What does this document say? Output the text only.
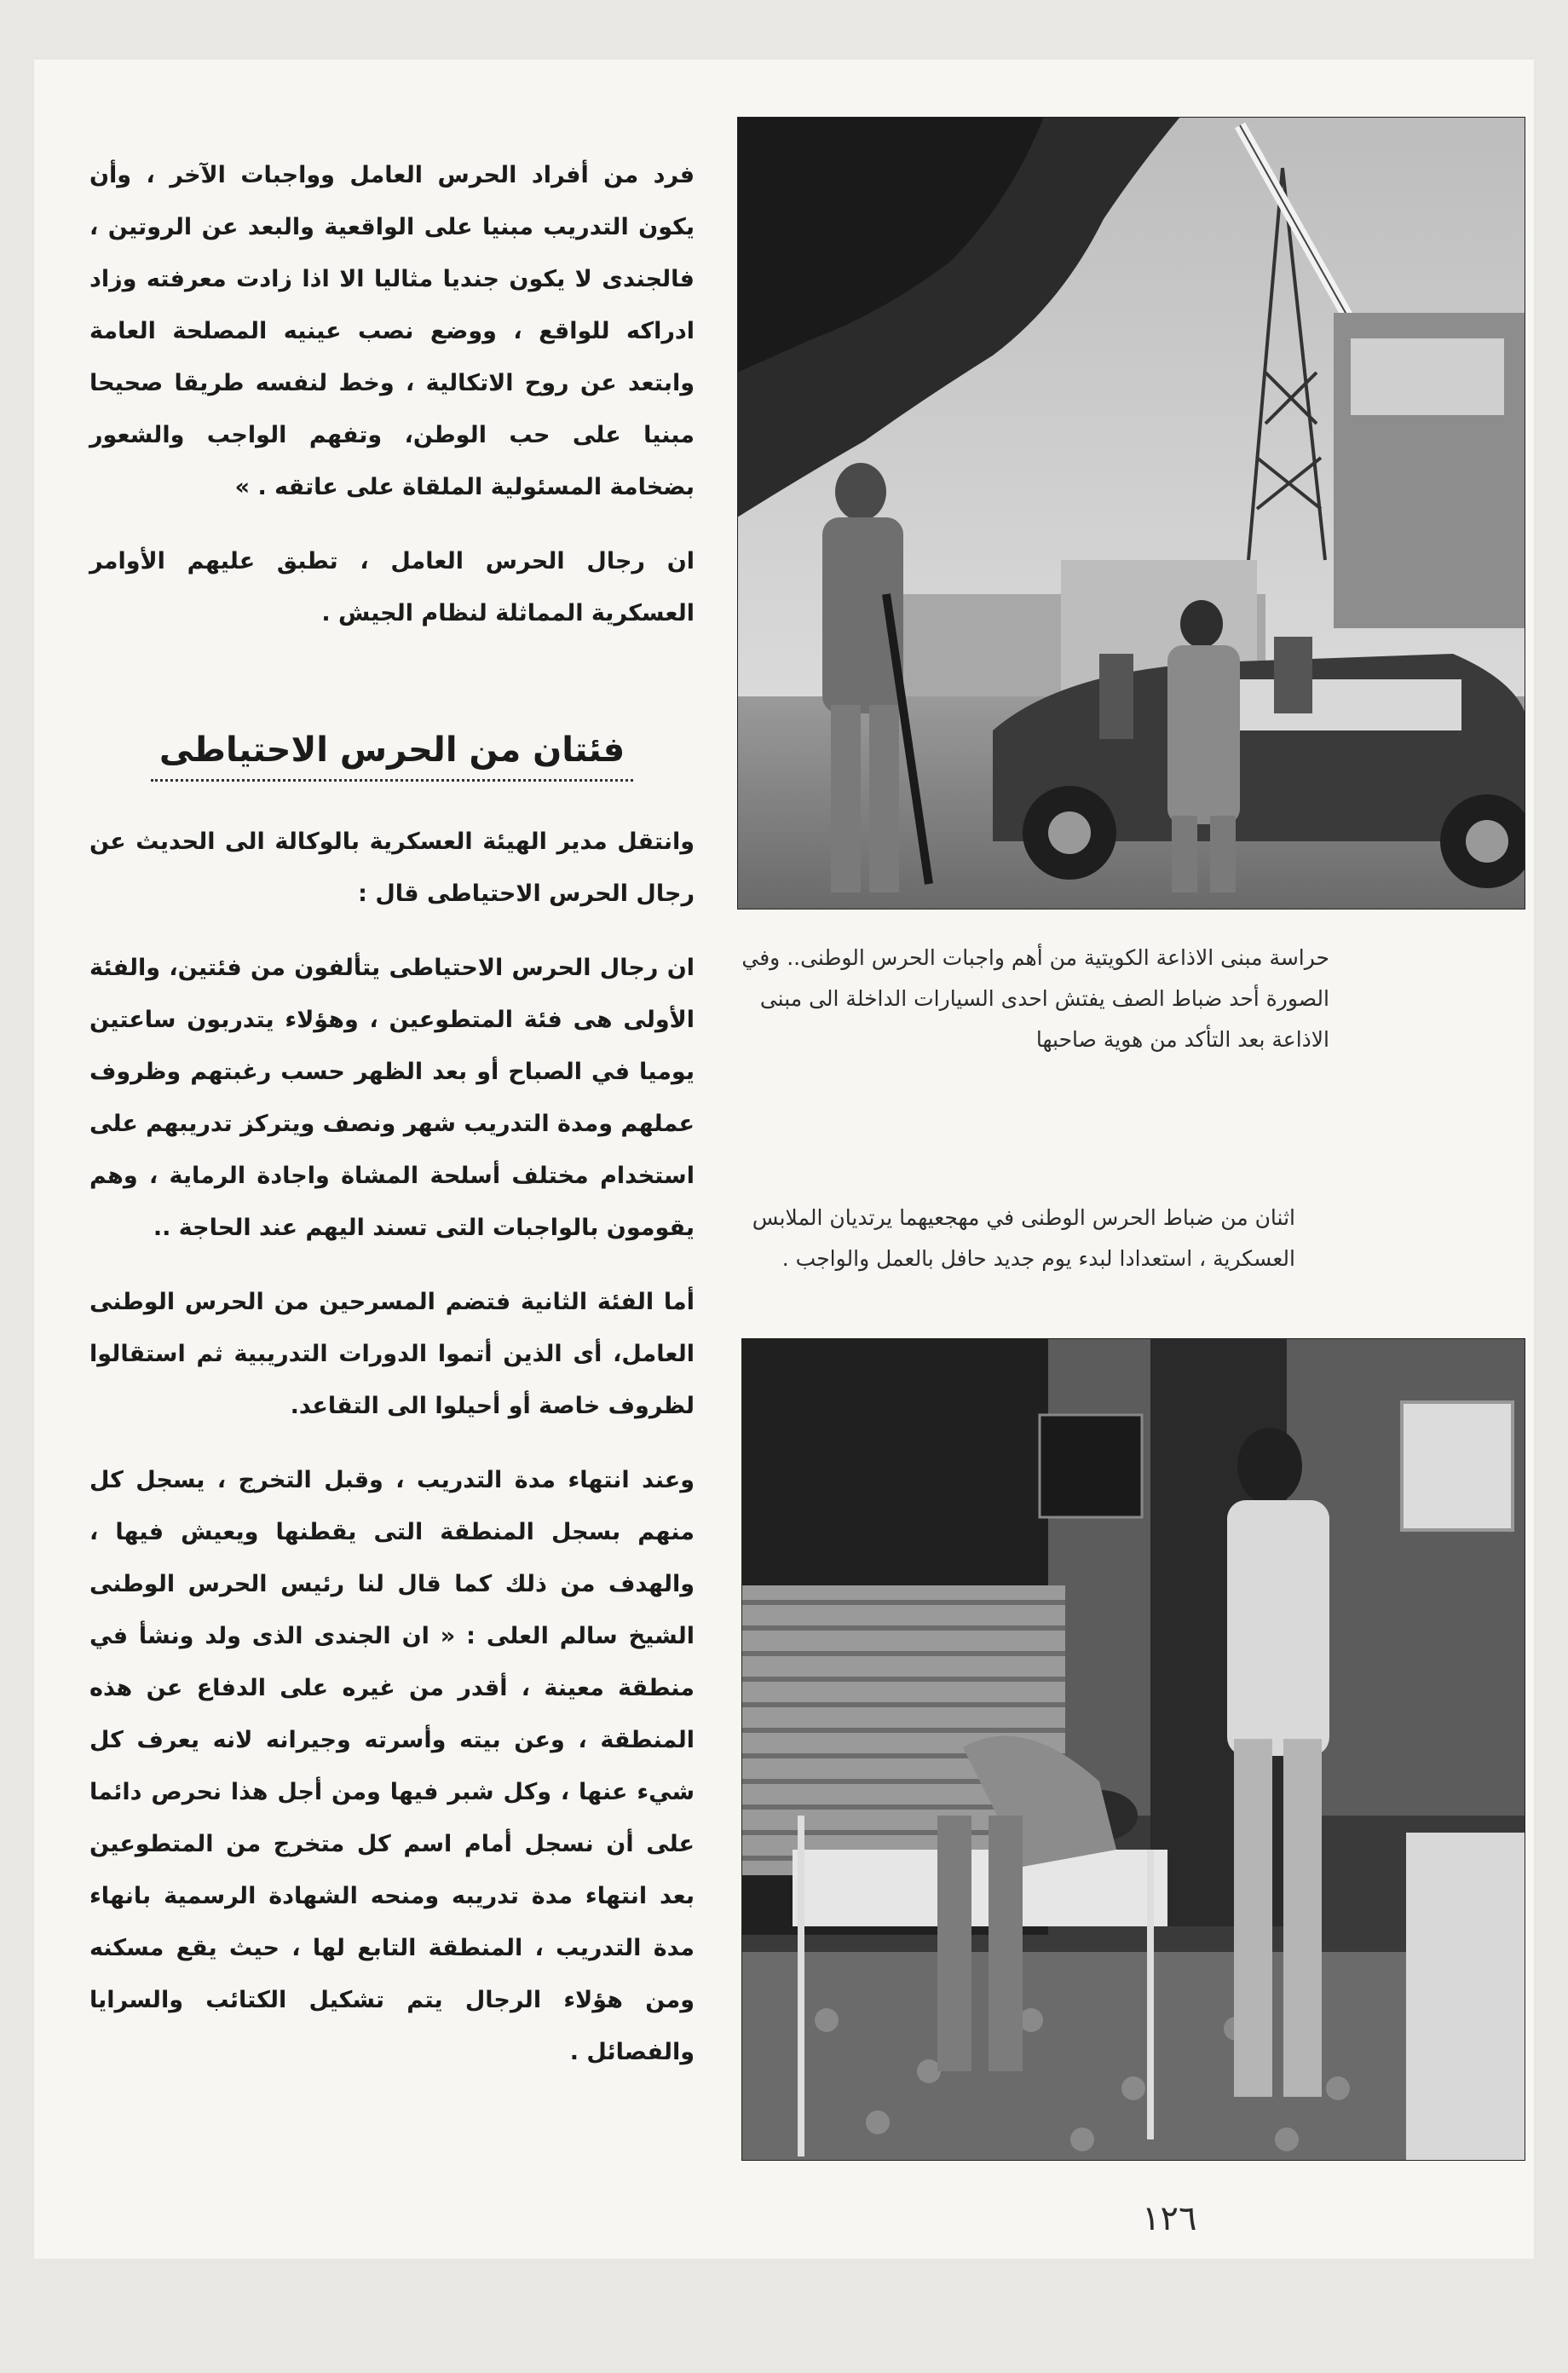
فرد من أفراد الحرس العامل وواجبات الآخر ، وأن يكون التدريب مبنيا على الواقعية والبعد عن الروتين ، فالجندى لا يكون جنديا مثاليا الا اذا زادت معرفته وزاد ادراكه للواقع ، ووضع نصب عينيه المصلحة العامة وابتعد عن روح الاتكالية ، وخط لنفسه طريقا صحيحا مبنيا على حب الوطن، وتفهم الواجب والشعور بضخامة المسئولية الملقاة على عاتقه . »

ان رجال الحرس العامل ، تطبق عليهم الأوامر العسكرية المماثلة لنظام الجيش .

فئتان من الحرس الاحتياطى

وانتقل مدير الهيئة العسكرية بالوكالة الى الحديث عن رجال الحرس الاحتياطى قال :

ان رجال الحرس الاحتياطى يتألفون من فئتين، والفئة الأولى هى فئة المتطوعين ، وهؤلاء يتدربون ساعتين يوميا في الصباح أو بعد الظهر حسب رغبتهم وظروف عملهم ومدة التدريب شهر ونصف ويتركز تدريبهم على استخدام مختلف أسلحة المشاة واجادة الرماية ، وهم يقومون بالواجبات التى تسند اليهم عند الحاجة ..

أما الفئة الثانية فتضم المسرحين من الحرس الوطنى العامل، أى الذين أتموا الدورات التدريبية ثم استقالوا لظروف خاصة أو أحيلوا الى التقاعد.

وعند انتهاء مدة التدريب ، وقبل التخرج ، يسجل كل منهم بسجل المنطقة التى يقطنها ويعيش فيها ، والهدف من ذلك كما قال لنا رئيس الحرس الوطنى الشيخ سالم العلى : « ان الجندى الذى ولد ونشأ في منطقة معينة ، أقدر من غيره على الدفاع عن هذه المنطقة ، وعن بيته وأسرته وجيرانه لانه يعرف كل شيء عنها ، وكل شبر فيها ومن أجل هذا نحرص دائما على أن نسجل أمام اسم كل متخرج من المتطوعين بعد انتهاء مدة تدريبه ومنحه الشهادة الرسمية بانهاء مدة التدريب ، المنطقة التابع لها ، حيث يقع مسكنه ومن هؤلاء الرجال يتم تشكيل الكتائب والسرايا والفصائل .

حراسة مبنى الاذاعة الكويتية من أهم واجبات الحرس الوطنى.. وفي الصورة أحد ضباط الصف يفتش احدى السيارات الداخلة الى مبنى الاذاعة بعد التأكد من هوية صاحبها
اثنان من ضباط الحرس الوطنى في مهجعيهما يرتديان الملابس العسكرية ، استعدادا لبدء يوم جديد حافل بالعمل والواجب .
١٢٦
